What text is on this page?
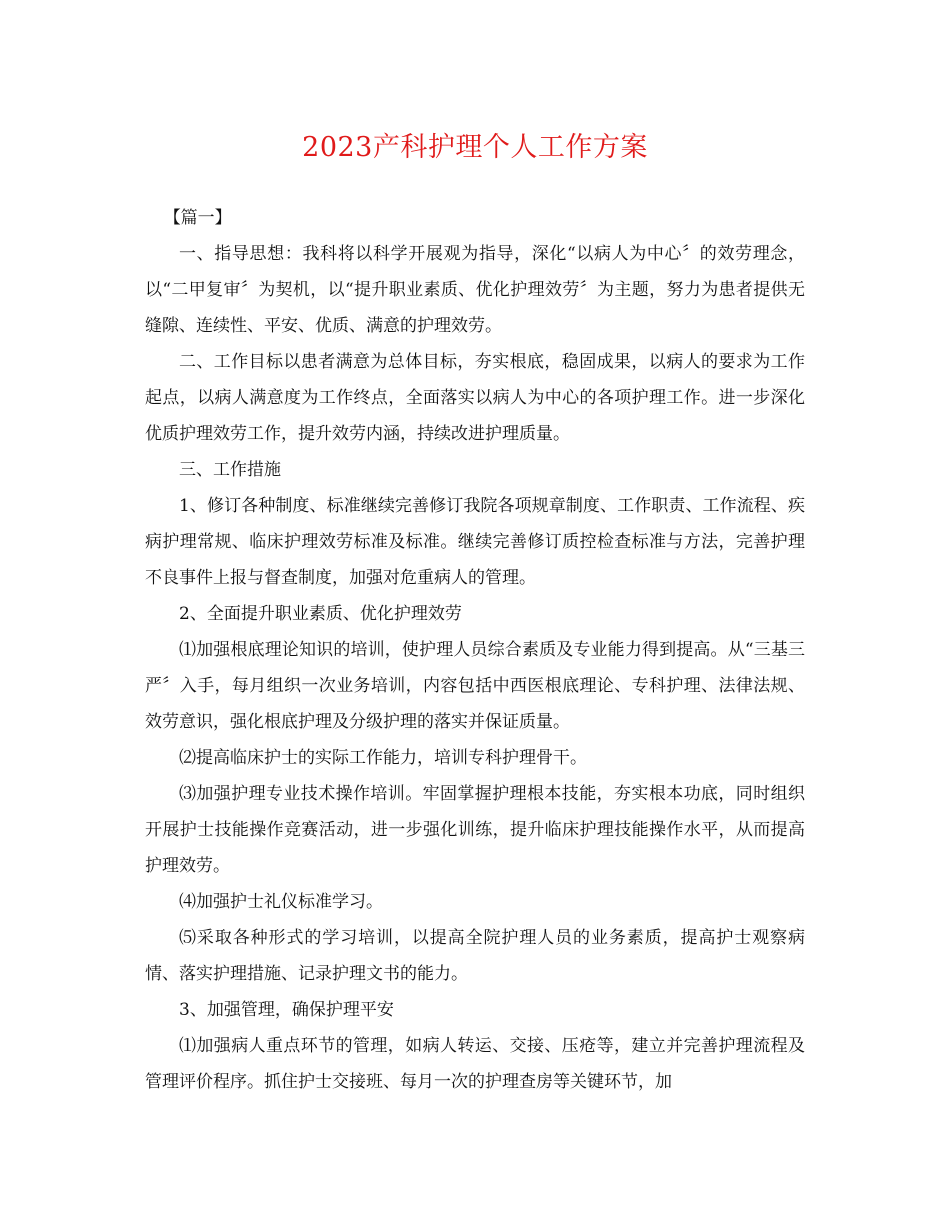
2023产科护理个人工作方案

【篇一】

一、指导思想：我科将以科学开展观为指导，深化“以病人为中心〞的效劳理念，以“二甲复审〞为契机，以“提升职业素质、优化护理效劳〞为主题，努力为患者提供无缝隙、连续性、平安、优质、满意的护理效劳。

二、工作目标以患者满意为总体目标，夯实根底，稳固成果，以病人的要求为工作起点，以病人满意度为工作终点，全面落实以病人为中心的各项护理工作。进一步深化优质护理效劳工作，提升效劳内涵，持续改进护理质量。

三、工作措施

1、修订各种制度、标准继续完善修订我院各项规章制度、工作职责、工作流程、疾病护理常规、临床护理效劳标准及标准。继续完善修订质控检查标准与方法，完善护理不良事件上报与督查制度，加强对危重病人的管理。

2、全面提升职业素质、优化护理效劳

⑴加强根底理论知识的培训，使护理人员综合素质及专业能力得到提高。从“三基三严〞入手，每月组织一次业务培训，内容包括中西医根底理论、专科护理、法律法规、效劳意识，强化根底护理及分级护理的落实并保证质量。

⑵提高临床护士的实际工作能力，培训专科护理骨干。

⑶加强护理专业技术操作培训。牢固掌握护理根本技能，夯实根本功底，同时组织开展护士技能操作竞赛活动，进一步强化训练，提升临床护理技能操作水平，从而提高护理效劳。

⑷加强护士礼仪标准学习。

⑸采取各种形式的学习培训，以提高全院护理人员的业务素质，提高护士观察病情、落实护理措施、记录护理文书的能力。

3、加强管理，确保护理平安

⑴加强病人重点环节的管理，如病人转运、交接、压疮等，建立并完善护理流程及管理评价程序。抓住护士交接班、每月一次的护理查房等关键环节，加
